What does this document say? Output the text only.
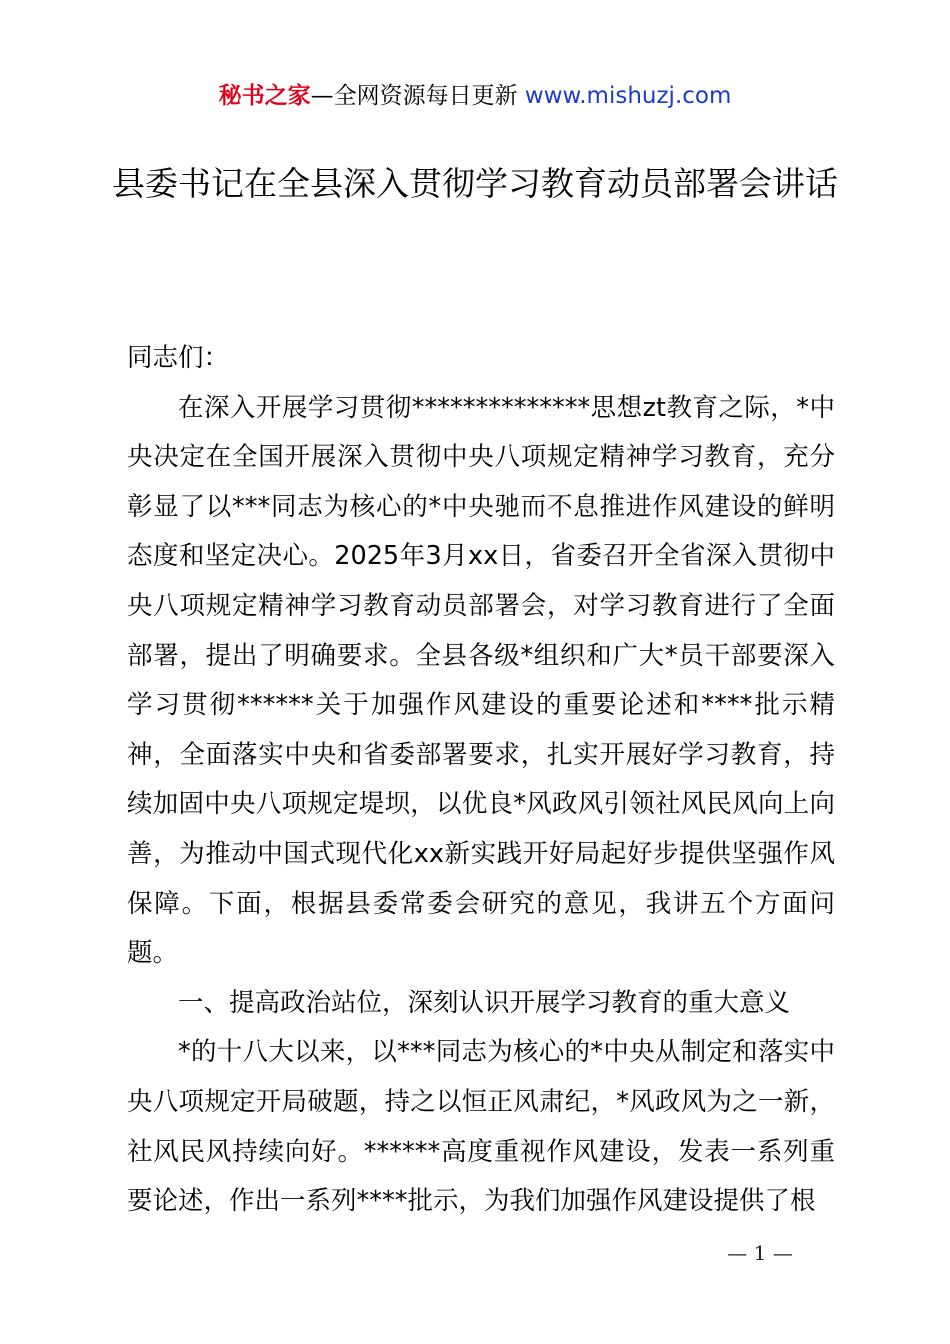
秘书之家—全网资源每日更新 www.mishuzj.com
县委书记在全县深入贯彻学习教育动员部署会讲话

同志们：

在深入开展学习贯彻**************思想zt教育之际，*中央决定在全国开展深入贯彻中央八项规定精神学习教育，充分彰显了以***同志为核心的*中央驰而不息推进作风建设的鲜明态度和坚定决心。2025年3月xx日，省委召开全省深入贯彻中央八项规定精神学习教育动员部署会，对学习教育进行了全面部署，提出了明确要求。全县各级*组织和广大*员干部要深入学习贯彻******关于加强作风建设的重要论述和****批示精神，全面落实中央和省委部署要求，扎实开展好学习教育，持续加固中央八项规定堤坝，以优良*风政风引领社风民风向上向善，为推动中国式现代化xx新实践开好局起好步提供坚强作风保障。下面，根据县委常委会研究的意见，我讲五个方面问题。

一、提高政治站位，深刻认识开展学习教育的重大意义

*的十八大以来，以***同志为核心的*中央从制定和落实中央八项规定开局破题，持之以恒正风肃纪，*风政风为之一新，社风民风持续向好。******高度重视作风建设，发表一系列重要论述，作出一系列****批示，为我们加强作风建设提供了根

— 1 —
